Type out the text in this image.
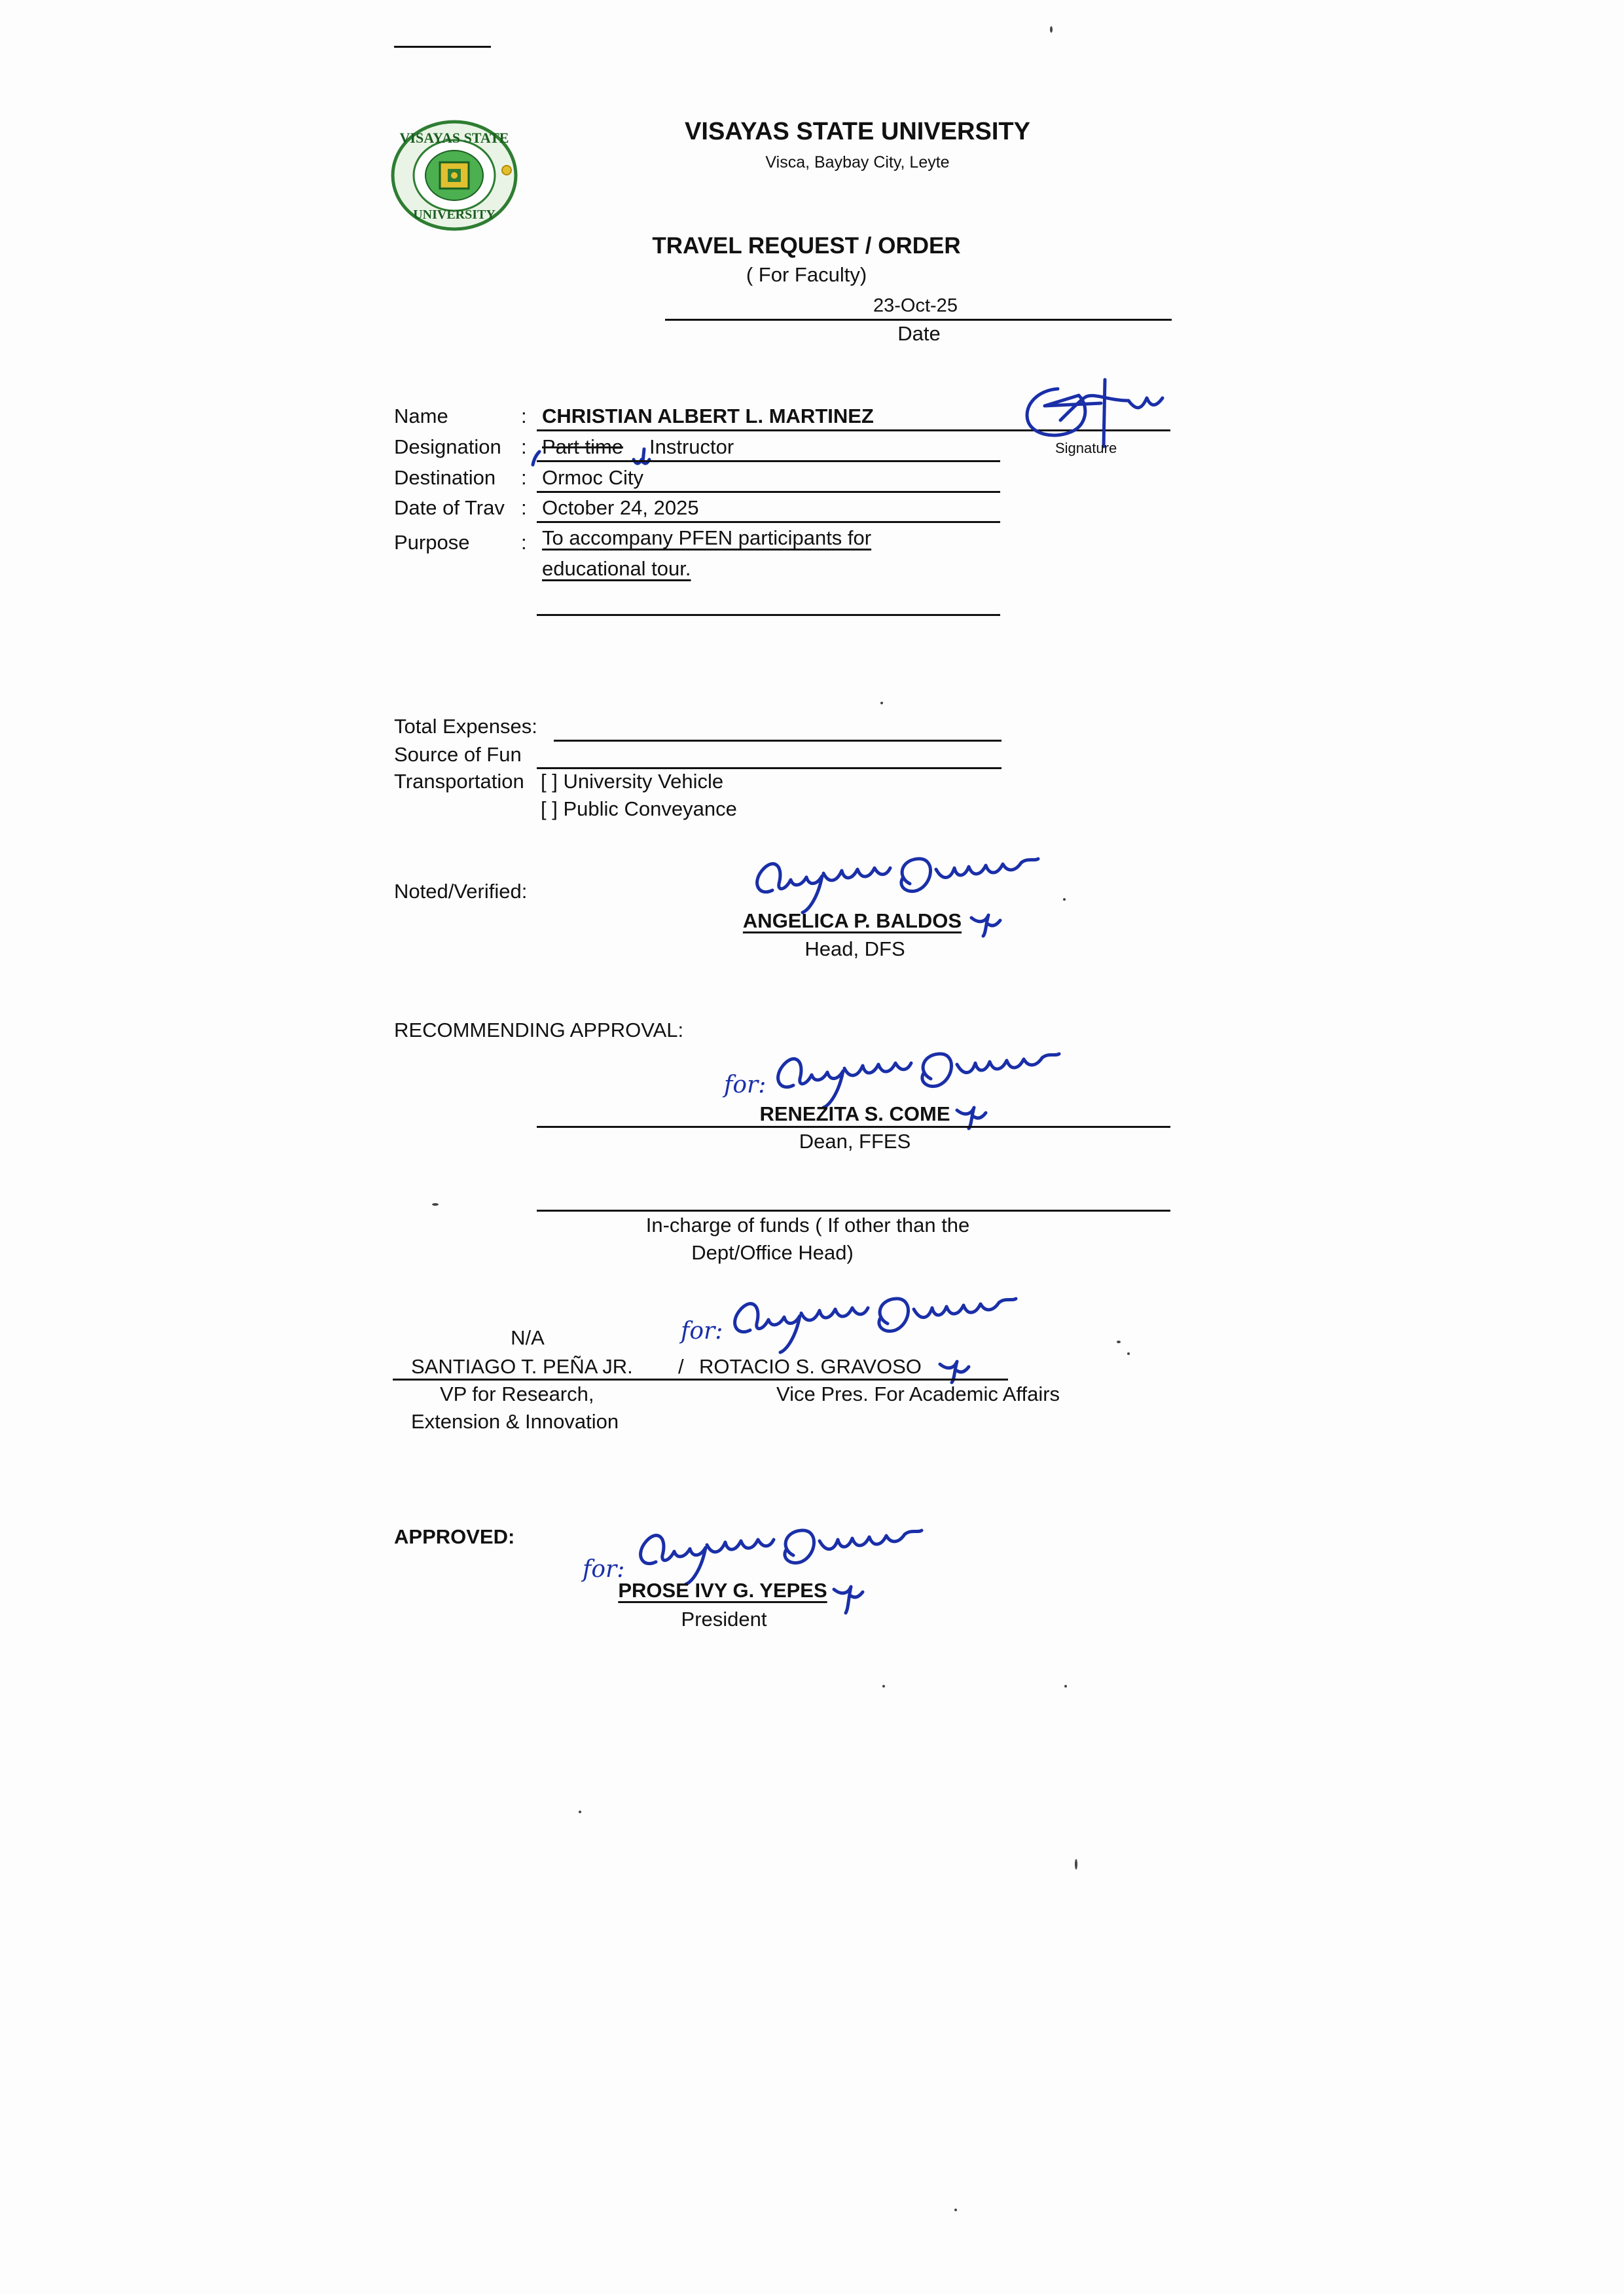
VISAYAS STATE
UNIVERSITY
VISAYAS STATE UNIVERSITY
Visca, Baybay City, Leyte
TRAVEL REQUEST / ORDER
( For Faculty)
23-Oct-25
Date
Name	: CHRISTIAN ALBERT L. MARTINEZ
Signature
Designation : Part time Instructor
Destination : Ormoc City
Date of Trav : October 24, 2025
Purpose	: To accompany PFEN participants for
educational tour.
Total Expenses:
Source of Fun
Transportation [ ] University Vehicle
[ ] Public Conveyance
Noted/Verified:
ANGELICA P. BALDOS
Head, DFS
RECOMMENDING APPROVAL:
for:
RENEZITA S. COME
Dean, FFES
In-charge of funds ( If other than the
Dept/Office Head)
N/A	for:
SANTIAGO T. PEÑA JR. / ROTACIO S. GRAVOSO
VP for Research,
Extension & Innovation
Vice Pres. For Academic Affairs
APPROVED:
for:
PROSE IVY G. YEPES
President
